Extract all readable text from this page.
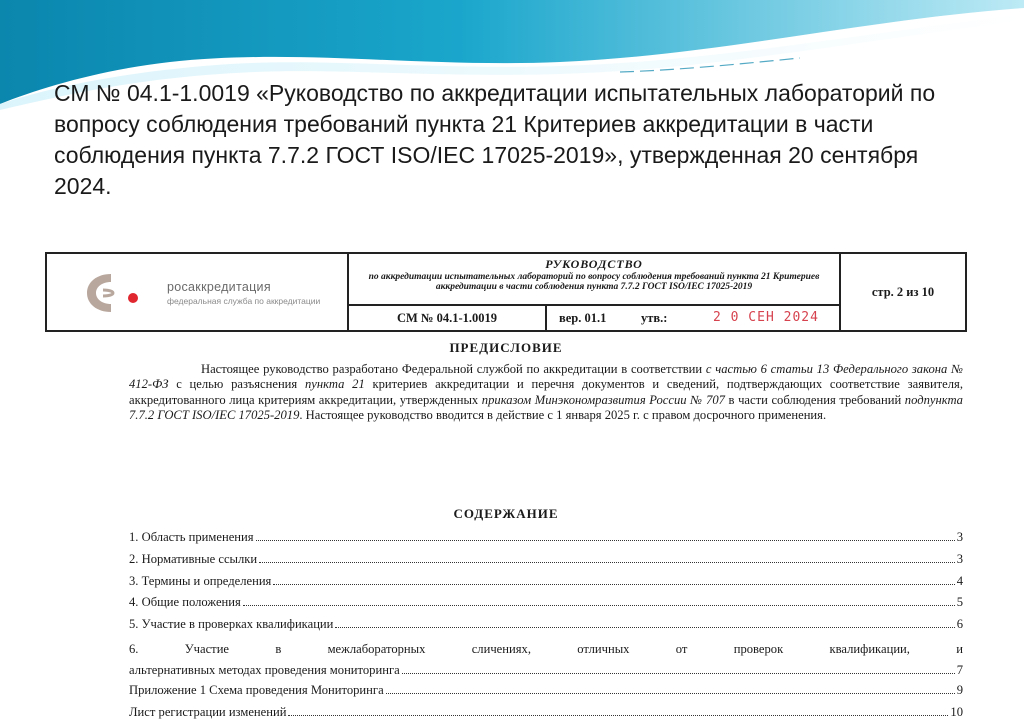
СМ № 04.1-1.0019 «Руководство по аккредитации испытательных лабораторий по вопросу соблюдения требований пункта 21 Критериев аккредитации в части соблюдения пункта 7.7.2 ГОСТ ISO/IEC 17025-2019», утвержденная 20 сентября 2024.

росаккредитация
федеральная служба по аккредитации
РУКОВОДСТВО
по аккредитации испытательных лабораторий по вопросу соблюдения требований пункта 21 Критериев аккредитации в части соблюдения пункта 7.7.2 ГОСТ ISO/IEC 17025-2019
СМ № 04.1-1.0019	вер. 01.1	утв.:	2 0 СЕН 2024
стр. 2 из 10
ПРЕДИСЛОВИЕ

Настоящее руководство разработано Федеральной службой по аккредитации в соответствии с частью 6 статьи 13 Федерального закона № 412-ФЗ с целью разъяснения пункта 21 критериев аккредитации и перечня документов и сведений, подтверждающих соответствие заявителя, аккредитованного лица критериям аккредитации, утвержденных приказом Минэкономразвития России № 707 в части соблюдения требований подпункта 7.7.2 ГОСТ ISO/IEC 17025-2019. Настоящее руководство вводится в действие с 1 января 2025 г. с правом досрочного применения.

СОДЕРЖАНИЕ
1. Область применения	3
2. Нормативные ссылки	3
3. Термины и определения	4
4. Общие положения	5
5. Участие в проверках квалификации	6
6. Участие в межлабораторных сличениях, отличных от проверок квалификации, и
альтернативных методах проведения мониторинга	7
Приложение 1 Схема проведения Мониторинга	9
Лист регистрации изменений	10
